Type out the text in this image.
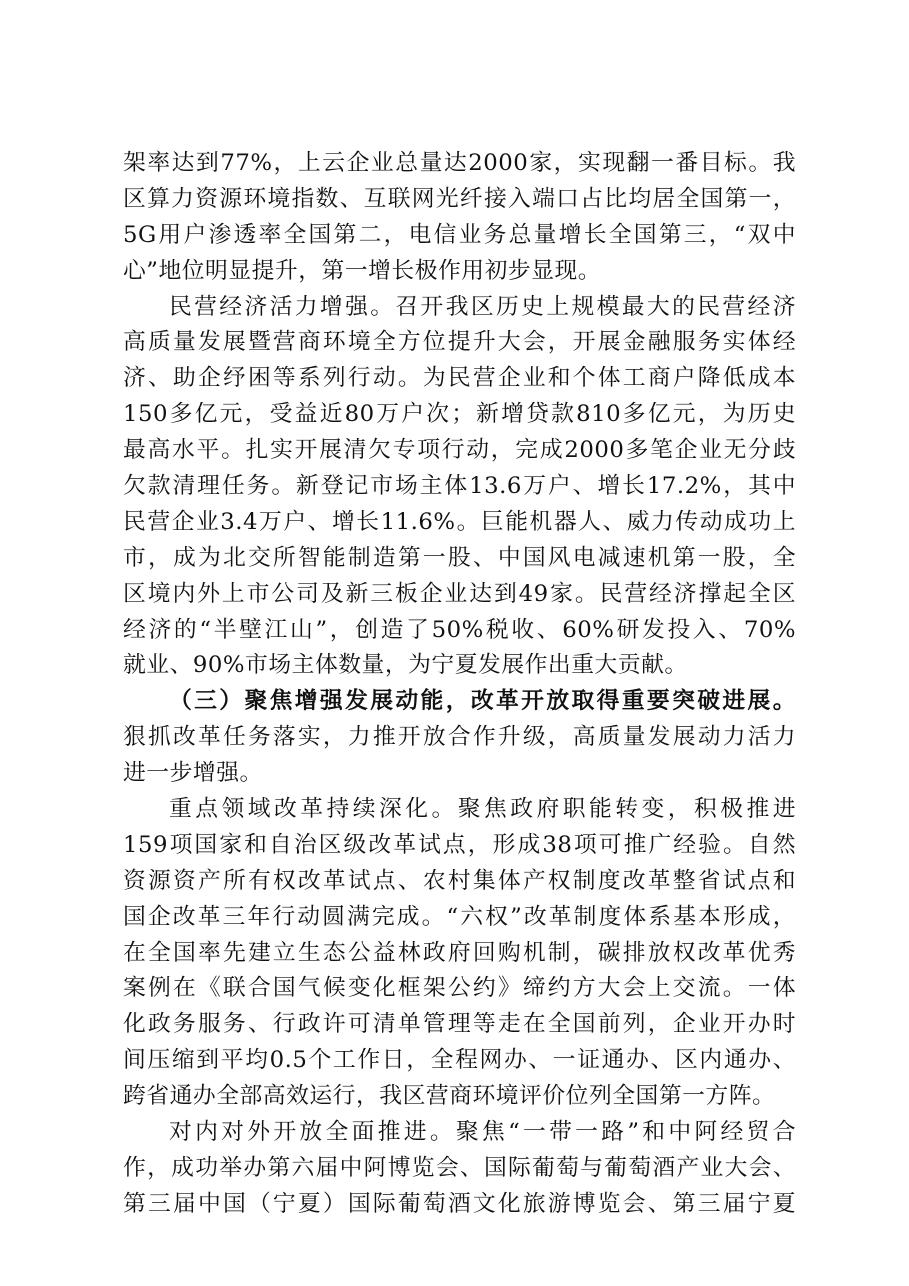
架率达到77%，上云企业总量达2000家，实现翻一番目标。我
区算力资源环境指数、互联网光纤接入端口占比均居全国第一，
5G用户渗透率全国第二，电信业务总量增长全国第三，“双中
心”地位明显提升，第一增长极作用初步显现。
民营经济活力增强。召开我区历史上规模最大的民营经济
高质量发展暨营商环境全方位提升大会，开展金融服务实体经
济、助企纾困等系列行动。为民营企业和个体工商户降低成本
150多亿元，受益近80万户次；新增贷款810多亿元，为历史
最高水平。扎实开展清欠专项行动，完成2000多笔企业无分歧
欠款清理任务。新登记市场主体13.6万户、增长17.2%，其中
民营企业3.4万户、增长11.6%。巨能机器人、威力传动成功上
市，成为北交所智能制造第一股、中国风电减速机第一股，全
区境内外上市公司及新三板企业达到49家。民营经济撑起全区
经济的“半壁江山”，创造了50%税收、60%研发投入、70%
就业、90%市场主体数量，为宁夏发展作出重大贡献。
（三）聚焦增强发展动能，改革开放取得重要突破进展。
狠抓改革任务落实，力推开放合作升级，高质量发展动力活力
进一步增强。
重点领域改革持续深化。聚焦政府职能转变，积极推进
159项国家和自治区级改革试点，形成38项可推广经验。自然
资源资产所有权改革试点、农村集体产权制度改革整省试点和
国企改革三年行动圆满完成。“六权”改革制度体系基本形成，
在全国率先建立生态公益林政府回购机制，碳排放权改革优秀
案例在《联合国气候变化框架公约》缔约方大会上交流。一体
化政务服务、行政许可清单管理等走在全国前列，企业开办时
间压缩到平均0.5个工作日，全程网办、一证通办、区内通办、
跨省通办全部高效运行，我区营商环境评价位列全国第一方阵。
对内对外开放全面推进。聚焦“一带一路”和中阿经贸合
作，成功举办第六届中阿博览会、国际葡萄与葡萄酒产业大会、
第三届中国（宁夏）国际葡萄酒文化旅游博览会、第三届宁夏
